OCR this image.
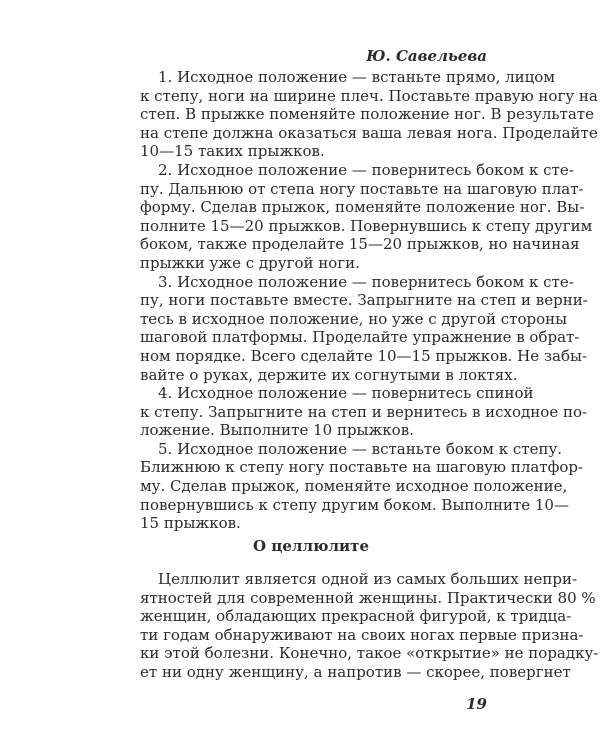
Ю. Савельева
1. Исходное положение — встаньте прямо, лицом
к степу, ноги на ширине плеч. Поставьте правую ногу на
степ. В прыжке поменяйте положение ног. В результате
на степе должна оказаться ваша левая нога. Проделайте
10—15 таких прыжков.
2. Исходное положение — повернитесь боком к сте-
пу. Дальнюю от степа ногу поставьте на шаговую плат-
форму. Сделав прыжок, поменяйте положение ног. Вы-
полните 15—20 прыжков. Повернувшись к степу другим
боком, также проделайте 15—20 прыжков, но начиная
прыжки уже с другой ноги.
3. Исходное положение — повернитесь боком к сте-
пу, ноги поставьте вместе. Запрыгните на степ и верни-
тесь в исходное положение, но уже с другой стороны
шаговой платформы. Проделайте упражнение в обрат-
ном порядке. Всего сделайте 10—15 прыжков. Не забы-
вайте о руках, держите их согнутыми в локтях.
4. Исходное положение — повернитесь спиной
к степу. Запрыгните на степ и вернитесь в исходное по-
ложение. Выполните 10 прыжков.
5. Исходное положение — встаньте боком к степу.
Ближнюю к степу ногу поставьте на шаговую платфор-
му. Сделав прыжок, поменяйте исходное положение,
повернувшись к степу другим боком. Выполните 10—
15 прыжков.
О целлюлите
Целлюлит является одной из самых больших непри-
ятностей для современной женщины. Практически 80 %
женщин, обладающих прекрасной фигурой, к тридца-
ти годам обнаруживают на своих ногах первые призна-
ки этой болезни. Конечно, такое «открытие» не порадку-
ет ни одну женщину, а напротив — скорее, повергнет
19
